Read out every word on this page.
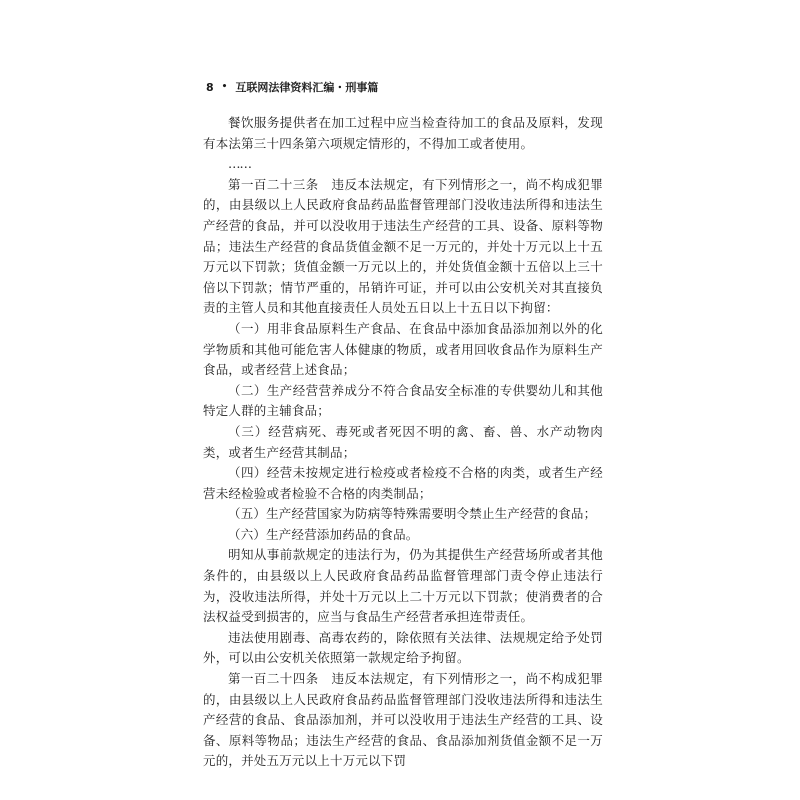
8 • 互联网法律资料汇编・刑事篇

餐饮服务提供者在加工过程中应当检查待加工的食品及原料，发现有本法第三十四条第六项规定情形的，不得加工或者使用。

……

第一百二十三条　违反本法规定，有下列情形之一，尚不构成犯罪的，由县级以上人民政府食品药品监督管理部门没收违法所得和违法生产经营的食品，并可以没收用于违法生产经营的工具、设备、原料等物品；违法生产经营的食品货值金额不足一万元的，并处十万元以上十五万元以下罚款；货值金额一万元以上的，并处货值金额十五倍以上三十倍以下罚款；情节严重的，吊销许可证，并可以由公安机关对其直接负责的主管人员和其他直接责任人员处五日以上十五日以下拘留：

（一）用非食品原料生产食品、在食品中添加食品添加剂以外的化学物质和其他可能危害人体健康的物质，或者用回收食品作为原料生产食品，或者经营上述食品；

（二）生产经营营养成分不符合食品安全标准的专供婴幼儿和其他特定人群的主辅食品；

（三）经营病死、毒死或者死因不明的禽、畜、兽、水产动物肉类，或者生产经营其制品；

（四）经营未按规定进行检疫或者检疫不合格的肉类，或者生产经营未经检验或者检验不合格的肉类制品；

（五）生产经营国家为防病等特殊需要明令禁止生产经营的食品；

（六）生产经营添加药品的食品。

明知从事前款规定的违法行为，仍为其提供生产经营场所或者其他条件的，由县级以上人民政府食品药品监督管理部门责令停止违法行为，没收违法所得，并处十万元以上二十万元以下罚款；使消费者的合法权益受到损害的，应当与食品生产经营者承担连带责任。

违法使用剧毒、高毒农药的，除依照有关法律、法规规定给予处罚外，可以由公安机关依照第一款规定给予拘留。

第一百二十四条　违反本法规定，有下列情形之一，尚不构成犯罪的，由县级以上人民政府食品药品监督管理部门没收违法所得和违法生产经营的食品、食品添加剂，并可以没收用于违法生产经营的工具、设备、原料等物品；违法生产经营的食品、食品添加剂货值金额不足一万元的，并处五万元以上十万元以下罚
